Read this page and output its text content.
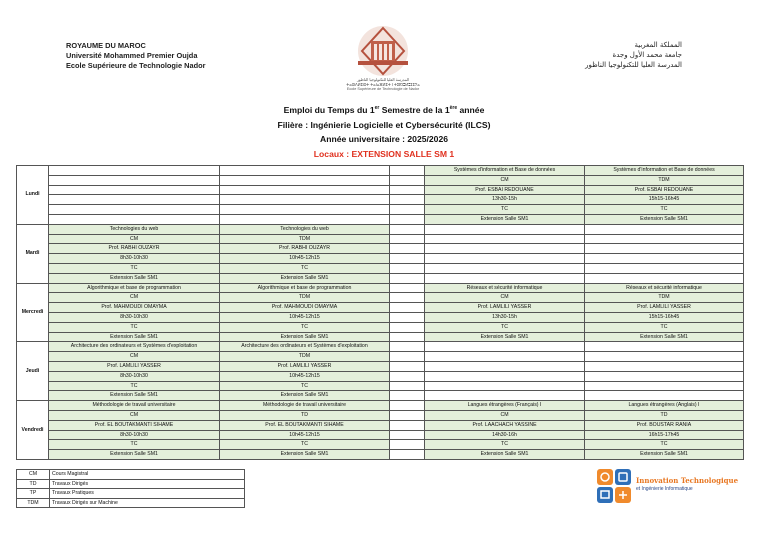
ROYAUME DU MAROC
Université Mohammed Premier Oujda
Ecole Supérieure de Technologie Nador
المدرسة العليا للتكنولوجيا الناظور
ⵜⴰⵙⴷⵍⵉⵙⵜ ⵜⴰⵏⴰⴼⵍⵉⵜ ⵏ ⵜⵉⴽⵏⵓⵍⵓⵊⵉⵢⴰ
Ecole Supérieure de Technologie de Nador
المملكة المغربية
جامعة محمد الأول وجدة
المدرسة العليا للتكنولوجيا الناظور
Emploi du Temps du 1er Semestre de la 1ère année
Filière : Ingénierie Logicielle et Cybersécurité (ILCS)
Année universitaire : 2025/2026
Locaux : EXTENSION SALLE SM 1
Lundi				Systèmes d'information et Base de données	Systèmes d'information et Base de données
				CM	TDM
				Prof. ESBAI REDOUANE	Prof. ESBAI REDOUANE
				13h30-15h	15h15-16h45
				TC	TC
				Extension Salle SM1	Extension Salle SM1
Mardi	Technologies du web	Technologies du web			
	CM	TDM			
	Prof. RABHI OUZAYR	Prof. RABHI OUZAYR			
	8h30-10h30	10h45-12h15			
	TC	TC			
	Extension Salle SM1	Extension Salle SM1			
Mercredi	Algorithmique et base de programmation	Algorithmique et base de programmation		Réseaux et sécurité informatique	Réseaux et sécurité informatique
	CM	TDM		CM	TDM
	Prof. MAHMOUDI OMAYMA	Prof. MAHMOUDI OMAYMA		Prof. LAMLILI YASSER	Prof. LAMLILI YASSER
	8h30-10h30	10h45-12h15		13h30-15h	15h15-16h45
	TC	TC		TC	TC
	Extension Salle SM1	Extension Salle SM1		Extension Salle SM1	Extension Salle SM1
Jeudi	Architecture des ordinateurs et Systèmes d'exploitation	Architecture des ordinateurs et Systèmes d'exploitation			
	CM	TDM			
	Prof. LAMLILI YASSER	Prof. LAMLILI YASSER			
	8h30-10h30	10h45-12h15			
	TC	TC			
	Extension Salle SM1	Extension Salle SM1			
Vendredi	Méthodologie de travail universitaire	Méthodologie de travail universitaire		Langues étrangères (Français) I	Langues étrangères (Anglais) I
	CM	TD		CM	TD
	Prof. EL BOUTAKMANTI SIHAME	Prof. EL BOUTAKMANTI SIHAME		Prof. LAACHACH YASSINE	Prof. BOUSTAR RANIA
	8h30-10h30	10h45-12h15		14h30-16h	16h15-17h45
	TC	TC		TC	TC
	Extension Salle SM1	Extension Salle SM1		Extension Salle SM1	Extension Salle SM1
CM	Cours Magistral
TD	Travaux Dirigés
TP	Travaux Pratiques
TDM	Travaux Dirigés sur Machine
Innovation Technologique
et Ingénierie Informatique
